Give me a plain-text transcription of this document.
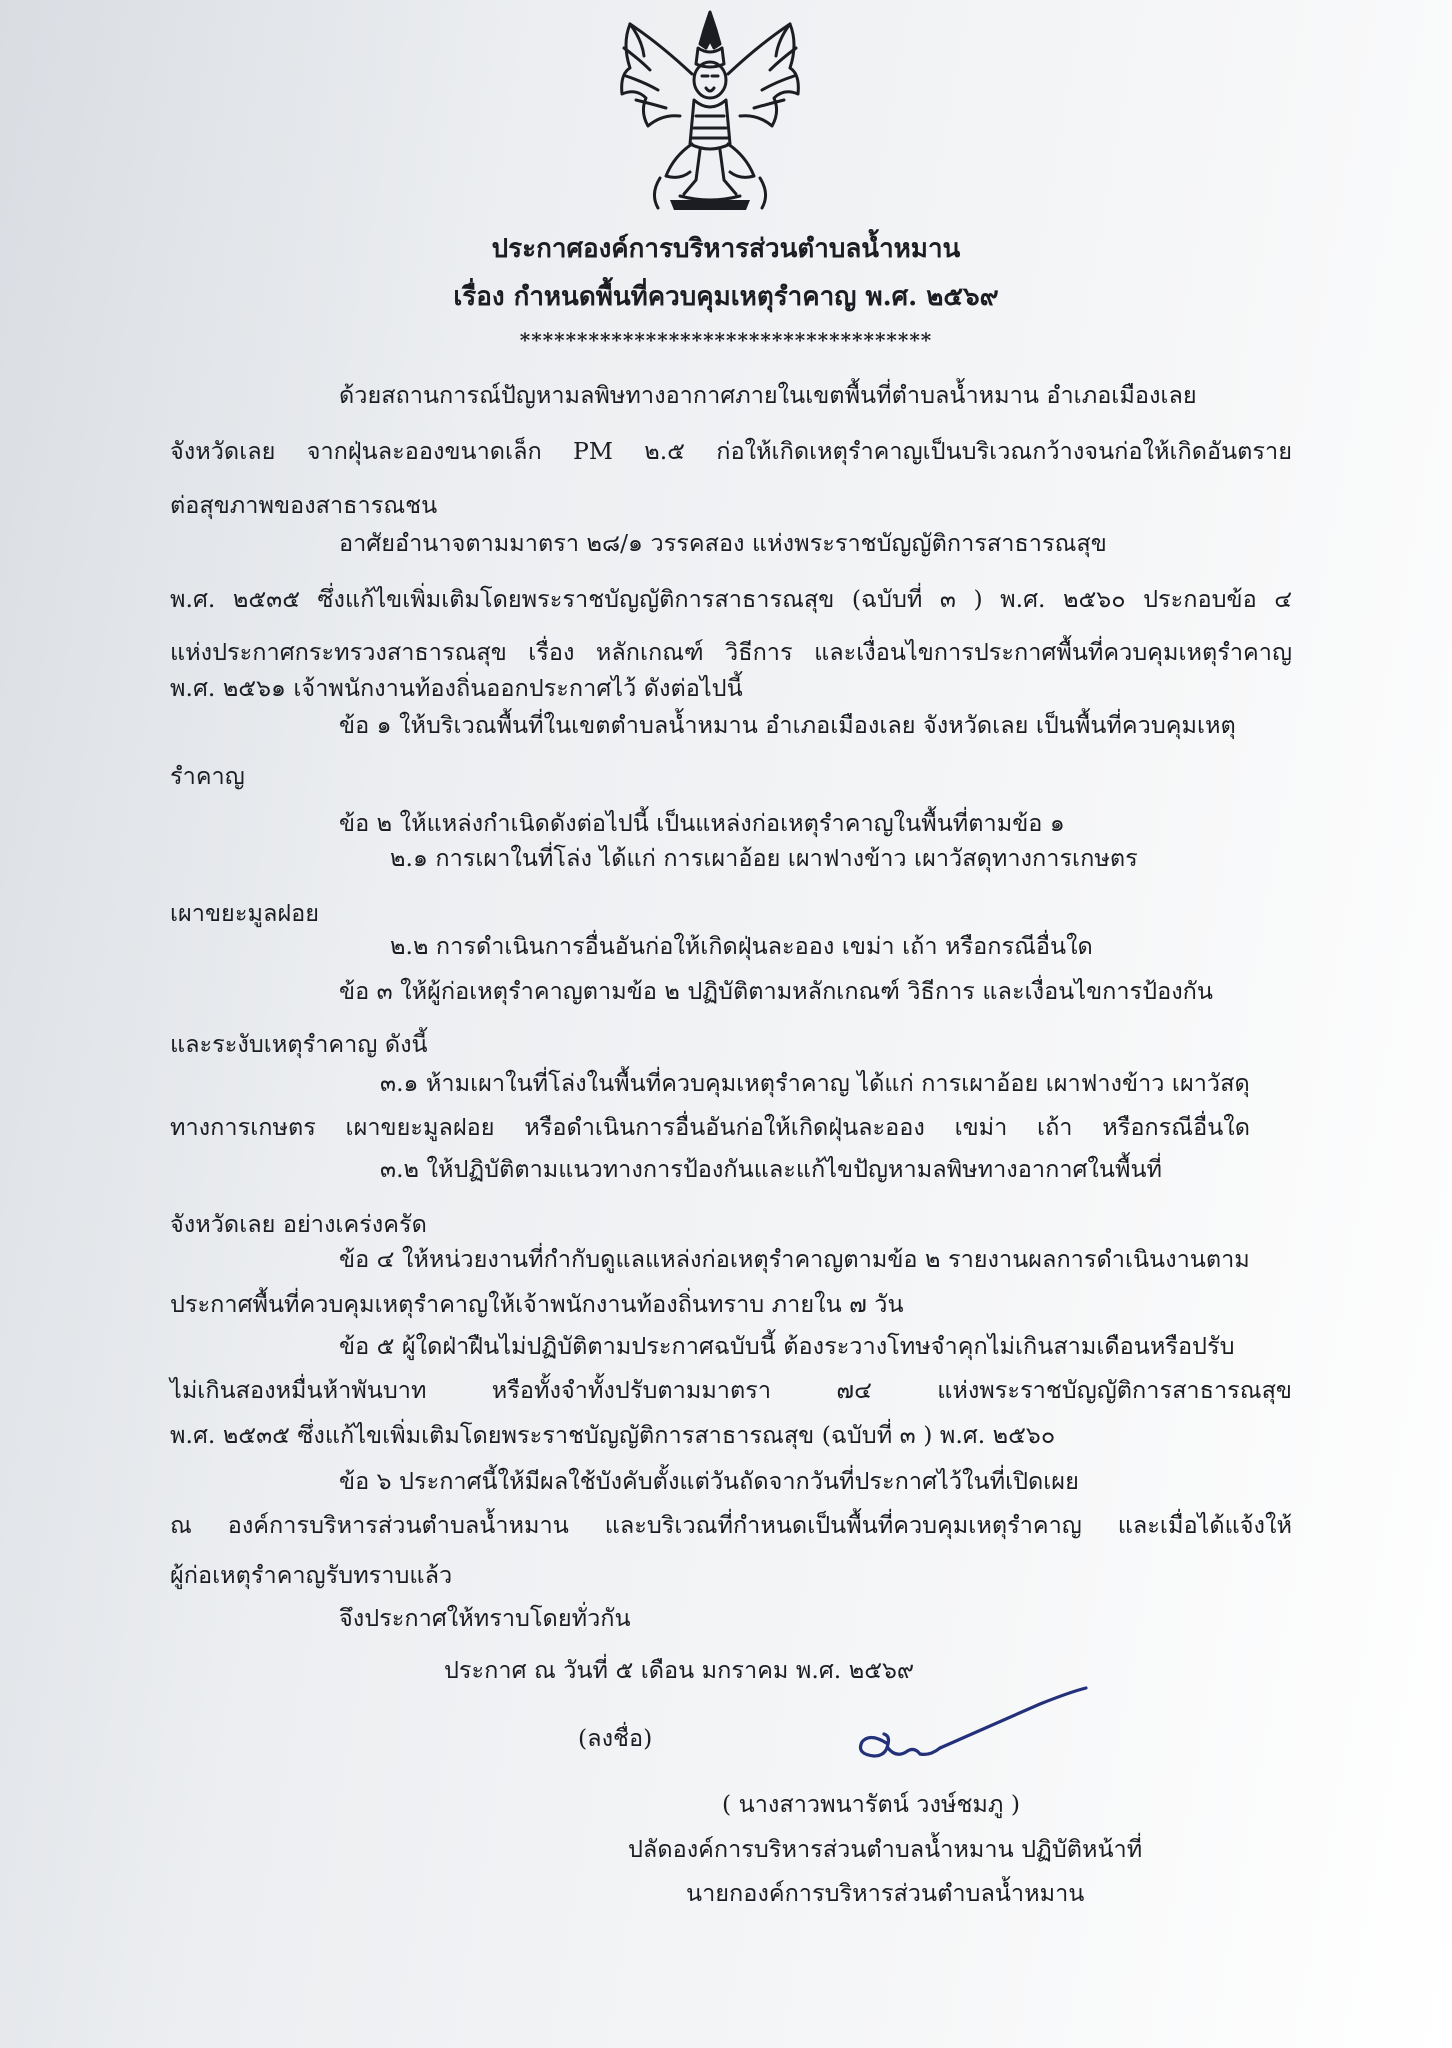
ประกาศองค์การบริหารส่วนตำบลน้ำหมาน
เรื่อง กำหนดพื้นที่ควบคุมเหตุรำคาญ พ.ศ. ๒๕๖๙
************************************
ด้วยสถานการณ์ปัญหามลพิษทางอากาศภายในเขตพื้นที่ตำบลน้ำหมาน อำเภอเมืองเลย
จังหวัดเลย จากฝุ่นละอองขนาดเล็ก PM ๒.๕ ก่อให้เกิดเหตุรำคาญเป็นบริเวณกว้างจนก่อให้เกิดอันตราย
ต่อสุขภาพของสาธารณชน
อาศัยอำนาจตามมาตรา ๒๘/๑ วรรคสอง แห่งพระราชบัญญัติการสาธารณสุข
พ.ศ. ๒๕๓๕ ซึ่งแก้ไขเพิ่มเติมโดยพระราชบัญญัติการสาธารณสุข (ฉบับที่ ๓ ) พ.ศ. ๒๕๖๐ ประกอบข้อ ๔
แห่งประกาศกระทรวงสาธารณสุข เรื่อง หลักเกณฑ์ วิธีการ และเงื่อนไขการประกาศพื้นที่ควบคุมเหตุรำคาญ
พ.ศ. ๒๕๖๑ เจ้าพนักงานท้องถิ่นออกประกาศไว้ ดังต่อไปนี้
ข้อ ๑ ให้บริเวณพื้นที่ในเขตตำบลน้ำหมาน อำเภอเมืองเลย จังหวัดเลย เป็นพื้นที่ควบคุมเหตุ
รำคาญ
ข้อ ๒ ให้แหล่งกำเนิดดังต่อไปนี้ เป็นแหล่งก่อเหตุรำคาญในพื้นที่ตามข้อ ๑
๒.๑ การเผาในที่โล่ง ได้แก่ การเผาอ้อย เผาฟางข้าว เผาวัสดุทางการเกษตร
เผาขยะมูลฝอย
๒.๒ การดำเนินการอื่นอันก่อให้เกิดฝุ่นละออง เขม่า เถ้า หรือกรณีอื่นใด
ข้อ ๓ ให้ผู้ก่อเหตุรำคาญตามข้อ ๒ ปฏิบัติตามหลักเกณฑ์ วิธีการ และเงื่อนไขการป้องกัน
และระงับเหตุรำคาญ ดังนี้
๓.๑ ห้ามเผาในที่โล่งในพื้นที่ควบคุมเหตุรำคาญ ได้แก่ การเผาอ้อย เผาฟางข้าว เผาวัสดุ
ทางการเกษตร เผาขยะมูลฝอย หรือดำเนินการอื่นอันก่อให้เกิดฝุ่นละออง เขม่า เถ้า หรือกรณีอื่นใด
๓.๒ ให้ปฏิบัติตามแนวทางการป้องกันและแก้ไขปัญหามลพิษทางอากาศในพื้นที่
จังหวัดเลย อย่างเคร่งครัด
ข้อ ๔ ให้หน่วยงานที่กำกับดูแลแหล่งก่อเหตุรำคาญตามข้อ ๒ รายงานผลการดำเนินงานตาม
ประกาศพื้นที่ควบคุมเหตุรำคาญให้เจ้าพนักงานท้องถิ่นทราบ ภายใน ๗ วัน
ข้อ ๕ ผู้ใดฝ่าฝืนไม่ปฏิบัติตามประกาศฉบับนี้ ต้องระวางโทษจำคุกไม่เกินสามเดือนหรือปรับ
ไม่เกินสองหมื่นห้าพันบาท หรือทั้งจำทั้งปรับตามมาตรา ๗๔ แห่งพระราชบัญญัติการสาธารณสุข
พ.ศ. ๒๕๓๕ ซึ่งแก้ไขเพิ่มเติมโดยพระราชบัญญัติการสาธารณสุข (ฉบับที่ ๓ ) พ.ศ. ๒๕๖๐
ข้อ ๖ ประกาศนี้ให้มีผลใช้บังคับตั้งแต่วันถัดจากวันที่ประกาศไว้ในที่เปิดเผย
ณ องค์การบริหารส่วนตำบลน้ำหมาน และบริเวณที่กำหนดเป็นพื้นที่ควบคุมเหตุรำคาญ และเมื่อได้แจ้งให้
ผู้ก่อเหตุรำคาญรับทราบแล้ว
จึงประกาศให้ทราบโดยทั่วกัน
ประกาศ ณ วันที่ ๕ เดือน มกราคม พ.ศ. ๒๕๖๙
(ลงชื่อ)
( นางสาวพนารัตน์ วงษ์ชมภู )
ปลัดองค์การบริหารส่วนตำบลน้ำหมาน ปฏิบัติหน้าที่
นายกองค์การบริหารส่วนตำบลน้ำหมาน
